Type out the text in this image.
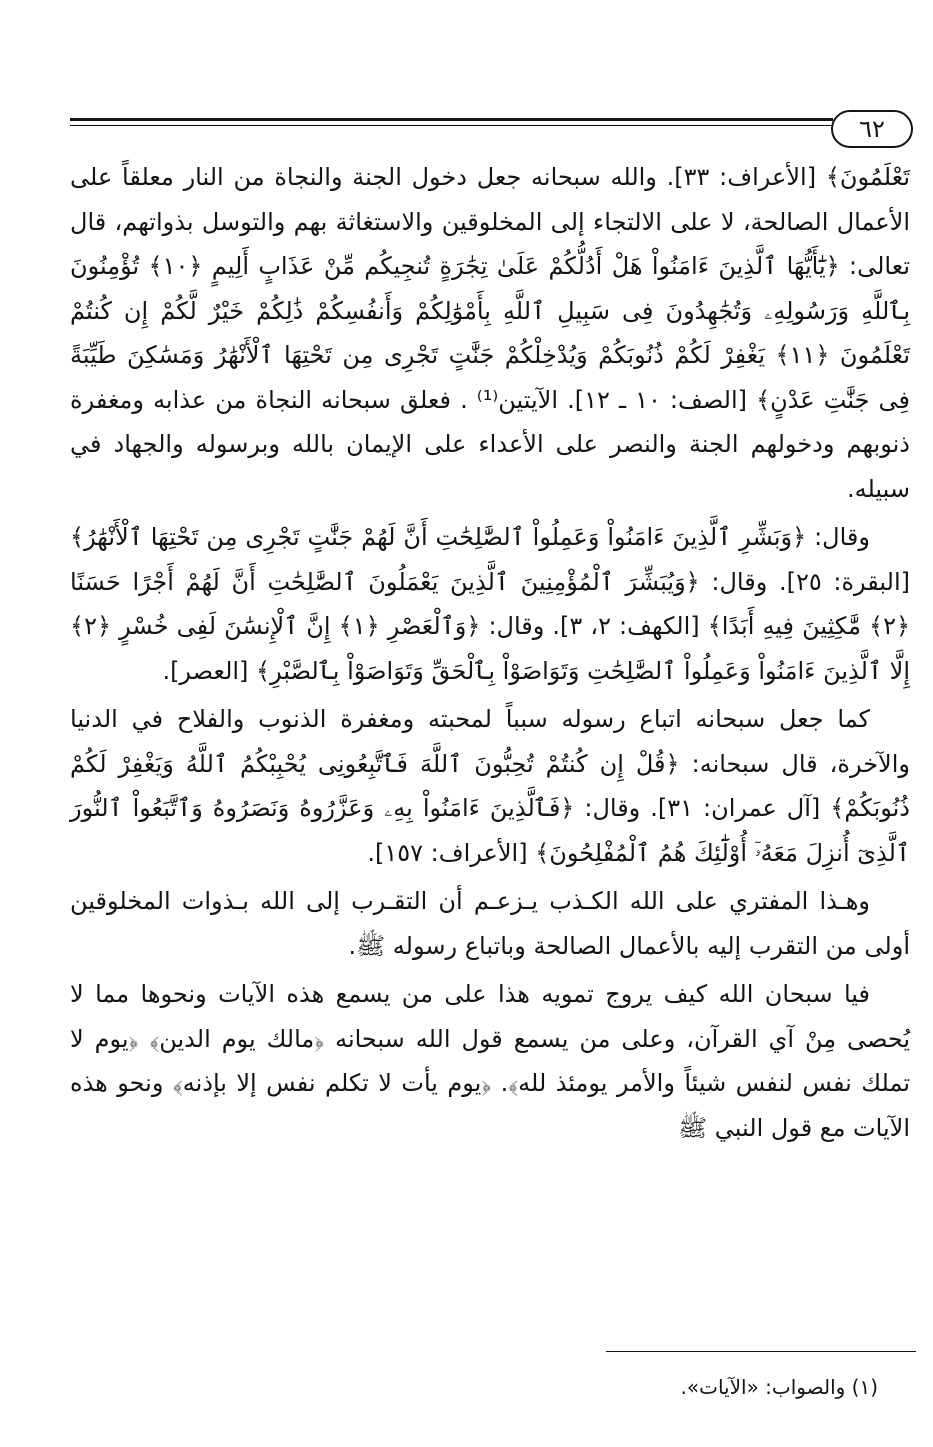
٦٢

تَعْلَمُونَ﴾ [الأعراف: ٣٣]. والله سبحانه جعل دخول الجنة والنجاة من النار معلقاً على الأعمال الصالحة، لا على الالتجاء إلى المخلوقين والاستغاثة بهم والتوسل بذواتهم، قال تعالى: ﴿يَٰٓأَيُّهَا ٱلَّذِينَ ءَامَنُواْ هَلْ أَدُلُّكُمْ عَلَىٰ تِجَٰرَةٍ تُنجِيكُم مِّنْ عَذَابٍ أَلِيمٍ ﴿١٠﴾ تُؤْمِنُونَ بِٱللَّهِ وَرَسُولِهِۦ وَتُجَٰهِدُونَ فِى سَبِيلِ ٱللَّهِ بِأَمْوَٰلِكُمْ وَأَنفُسِكُمْ ذَٰلِكُمْ خَيْرٌ لَّكُمْ إِن كُنتُمْ تَعْلَمُونَ ﴿١١﴾ يَغْفِرْ لَكُمْ ذُنُوبَكُمْ وَيُدْخِلْكُمْ جَنَّٰتٍ تَجْرِى مِن تَحْتِهَا ٱلْأَنْهَٰرُ وَمَسَٰكِنَ طَيِّبَةً فِى جَنَّٰتِ عَدْنٍ﴾ [الصف: ١٠ ـ ١٢]. الآيتين⁽¹⁾ . فعلق سبحانه النجاة من عذابه ومغفرة ذنوبهم ودخولهم الجنة والنصر على الأعداء على الإيمان بالله وبرسوله والجهاد في سبيله.

وقال: ﴿وَبَشِّرِ ٱلَّذِينَ ءَامَنُواْ وَعَمِلُواْ ٱلصَّٰلِحَٰتِ أَنَّ لَهُمْ جَنَّٰتٍ تَجْرِى مِن تَحْتِهَا ٱلْأَنْهَٰرُ﴾ [البقرة: ٢٥]. وقال: ﴿وَيُبَشِّرَ ٱلْمُؤْمِنِينَ ٱلَّذِينَ يَعْمَلُونَ ٱلصَّٰلِحَٰتِ أَنَّ لَهُمْ أَجْرًا حَسَنًا ﴿٢﴾ مَّٰكِثِينَ فِيهِ أَبَدًا﴾ [الكهف: ٢، ٣]. وقال: ﴿وَٱلْعَصْرِ ﴿١﴾ إِنَّ ٱلْإِنسَٰنَ لَفِى خُسْرٍ ﴿٢﴾ إِلَّا ٱلَّذِينَ ءَامَنُواْ وَعَمِلُواْ ٱلصَّٰلِحَٰتِ وَتَوَاصَوْاْ بِٱلْحَقِّ وَتَوَاصَوْاْ بِٱلصَّبْرِ﴾ [العصر].

كما جعل سبحانه اتباع رسوله سبباً لمحبته ومغفرة الذنوب والفلاح في الدنيا والآخرة، قال سبحانه: ﴿قُلْ إِن كُنتُمْ تُحِبُّونَ ٱللَّهَ فَٱتَّبِعُونِى يُحْبِبْكُمُ ٱللَّهُ وَيَغْفِرْ لَكُمْ ذُنُوبَكُمْ﴾ [آل عمران: ٣١]. وقال: ﴿فَٱلَّذِينَ ءَامَنُواْ بِهِۦ وَعَزَّرُوهُ وَنَصَرُوهُ وَٱتَّبَعُواْ ٱلنُّورَ ٱلَّذِىٓ أُنزِلَ مَعَهُۥٓ أُوْلَٰٓئِكَ هُمُ ٱلْمُفْلِحُونَ﴾ [الأعراف: ١٥٧].

وهـذا المفتري على الله الكـذب يـزعـم أن التقـرب إلى الله بـذوات المخلوقين أولى من التقرب إليه بالأعمال الصالحة وباتباع رسوله ﷺ.

فيا سبحان الله كيف يروج تمويه هذا على من يسمع هذه الآيات ونحوها مما لا يُحصى مِنْ آي القرآن، وعلى من يسمع قول الله سبحانه ﴿مالك يوم الدين﴾ ﴿يوم لا تملك نفس لنفس شيئاً والأمر يومئذ لله﴾. ﴿يوم يأت لا تكلم نفس إلا بإذنه﴾ ونحو هذه الآيات مع قول النبي ﷺ

(١) والصواب: «الآيات».
